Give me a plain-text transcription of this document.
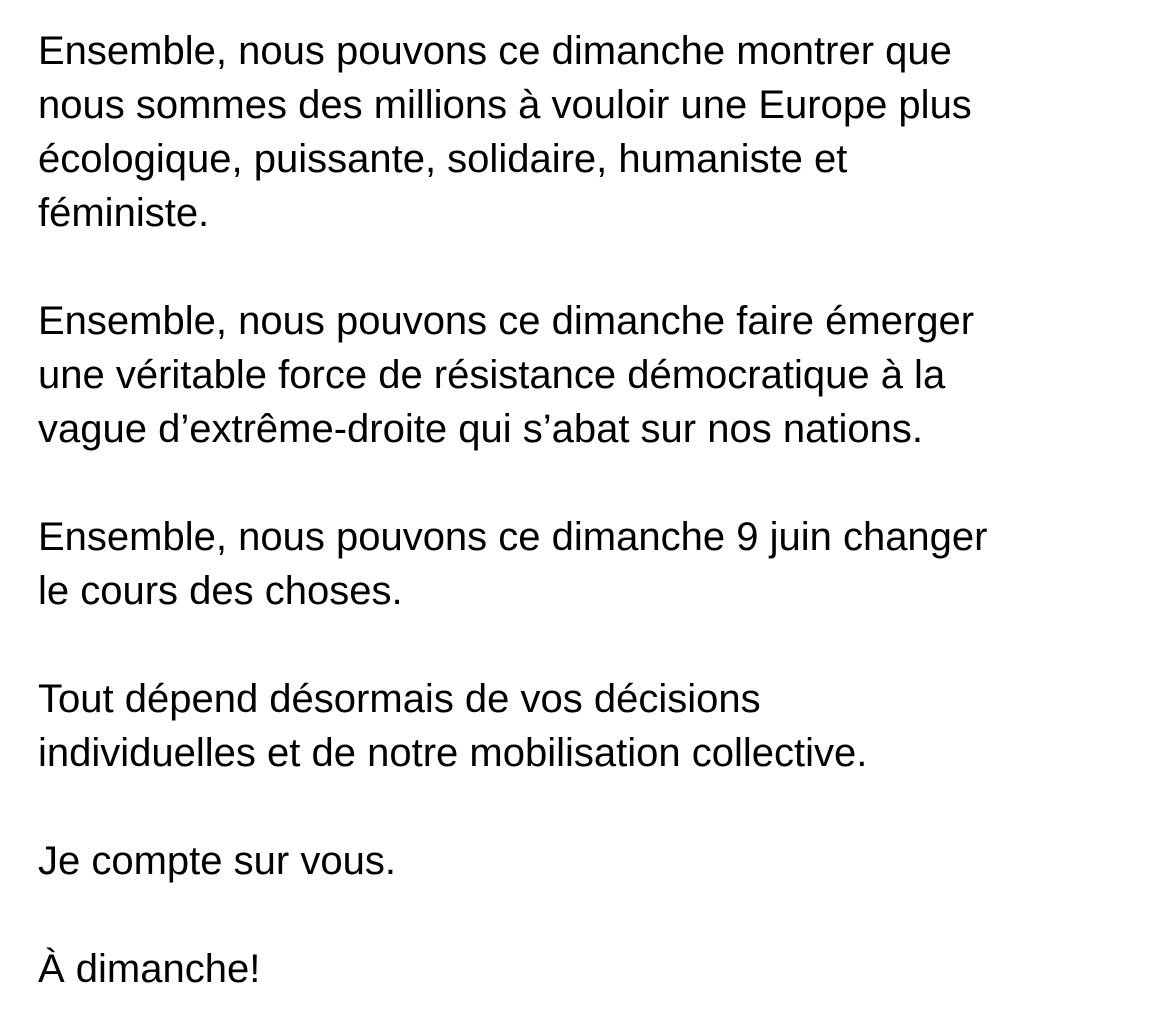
Ensemble, nous pouvons ce dimanche montrer que
nous sommes des millions à vouloir une Europe plus
écologique, puissante, solidaire, humaniste et
féministe.
Ensemble, nous pouvons ce dimanche faire émerger
une véritable force de résistance démocratique à la
vague d’extrême-droite qui s’abat sur nos nations.
Ensemble, nous pouvons ce dimanche 9 juin changer
le cours des choses.
Tout dépend désormais de vos décisions
individuelles et de notre mobilisation collective.
Je compte sur vous.
À dimanche!
